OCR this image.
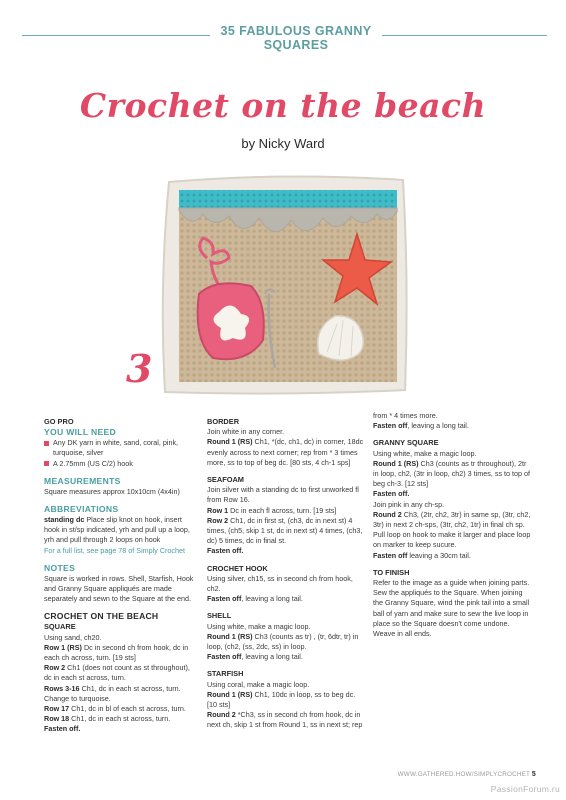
35 FABULOUS GRANNY SQUARES
Crochet on the beach
by Nicky Ward
3

GO PRO

YOU WILL NEED

Any DK yarn in white, sand, coral, pink, turquoise, silver
A 2.75mm (US C/2) hook

MEASUREMENTS

Square measures approx 10x10cm (4x4in)

ABBREVIATIONS

standing dc Place slip knot on hook, insert hook in st/sp indicated, yrh and pull up a loop, yrh and pull through 2 loops on hook

For a full list, see page 78 of Simply Crochet

NOTES

Square is worked in rows. Shell, Starfish, Hook and Granny Square appliqués are made separately and sewn to the Square at the end.

CROCHET ON THE BEACH

SQUARE

Using sand, ch20.

Row 1 (RS) Dc in second ch from hook, dc in each ch across, turn. [19 sts]

Row 2 Ch1 (does not count as st throughout), dc in each st across, turn.

Rows 3-16 Ch1, dc in each st across, turn. Change to turquoise.

Row 17 Ch1, dc in bl of each st across, turn.

Row 18 Ch1, dc in each st across, turn.

Fasten off.

BORDER

Join white in any corner.

Round 1 (RS) Ch1, *(dc, ch1, dc) in corner, 18dc evenly across to next corner; rep from * 3 times more, ss to top of beg dc. [80 sts, 4 ch-1 sps]

SEAFOAM

Join silver with a standing dc to first unworked fl from Row 16.

Row 1 Dc in each fl across, turn. [19 sts]

Row 2 Ch1, dc in first st, (ch3, dc in next st) 4 times, (ch5, skip 1 st, dc in next st) 4 times, (ch3, dc) 5 times, dc in final st.

Fasten off.

CROCHET HOOK

Using silver, ch15, ss in second ch from hook, ch2.

Fasten off, leaving a long tail.

SHELL

Using white, make a magic loop.

Round 1 (RS) Ch3 (counts as tr) , (tr, 6dtr, tr) in loop, (ch2, (ss, 2dc, ss) in loop.

Fasten off, leaving a long tail.

STARFISH

Using coral, make a magic loop.

Round 1 (RS) Ch1, 10dc in loop, ss to beg dc. [10 sts]

Round 2 *Ch3, ss in second ch from hook, dc in next ch, skip 1 st from Round 1, ss in next st; rep

from * 4 times more.

Fasten off, leaving a long tail.

GRANNY SQUARE

Using white, make a magic loop.

Round 1 (RS) Ch3 (counts as tr throughout), 2tr in loop, ch2, (3tr in loop, ch2) 3 times, ss to top of beg ch-3. [12 sts]

Fasten off.

Join pink in any ch-sp.

Round 2 Ch3, (2tr, ch2, 3tr) in same sp, (3tr, ch2, 3tr) in next 2 ch-sps, (3tr, ch2, 1tr) in final ch sp. Pull loop on hook to make it larger and place loop on marker to keep sucure.

Fasten off leaving a 30cm tail.

TO FINISH

Refer to the image as a guide when joining parts.

Sew the appliqués to the Square. When joining the Granny Square, wind the pink tail into a small ball of yarn and make sure to sew the live loop in place so the Square doesn't come undone.

Weave in all ends.

WWW.GATHERED.HOW/SIMPLYCROCHET 5
PassionForum.ru
